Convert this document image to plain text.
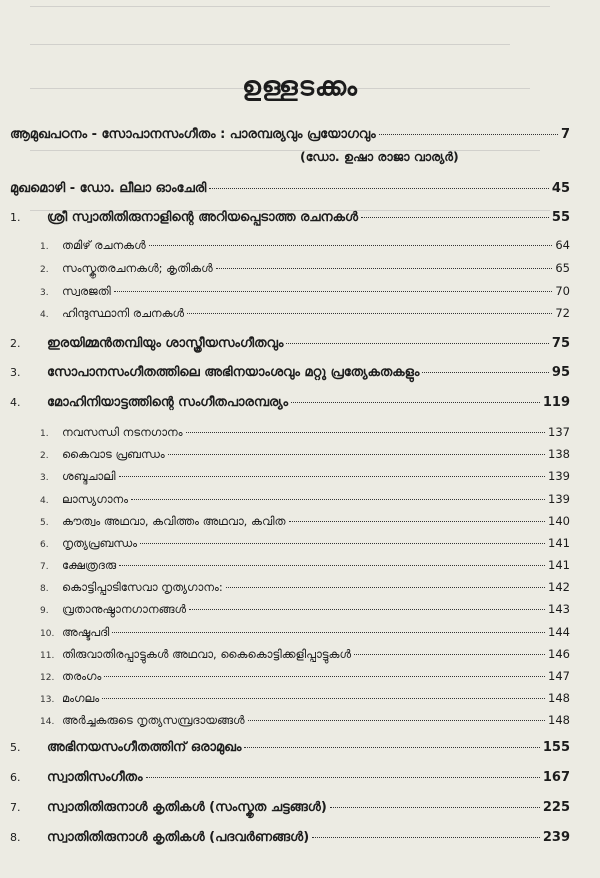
ഉള്ളടക്കം
ആമുഖപഠനം - സോപാനസംഗീതം : പാരമ്പര്യവും പ്രയോഗവും	7
(ഡോ. ഉഷാ രാജാ വാര്യർ)
മുഖമൊഴി - ഡോ. ലീലാ ഓംചേരി	45
1.	ശ്രീ സ്വാതിതിരുനാളിന്റെ അറിയപ്പെടാത്ത രചനകൾ	55
1.	തമിഴ് രചനകൾ	64
2.	സംസ്കൃതരചനകൾ; കൃതികൾ	65
3.	സ്വരജതി	70
4.	ഹിന്ദുസ്ഥാനി രചനകൾ	72
2.	ഇരയിമ്മൻതമ്പിയും ശാസ്ത്രീയസംഗീതവും	75
3.	സോപാനസംഗീതത്തിലെ അഭിനയാംശവും മറ്റു പ്രത്യേകതകളും	95
4.	മോഹിനിയാട്ടത്തിന്റെ സംഗീതപാരമ്പര്യം	119
1.	നവസന്ധി നടനഗാനം	137
2.	കൈവാട പ്രബന്ധം	138
3.	ശബ്ദചാലി	139
4.	ലാസ്യഗാനം	139
5.	കൗത്വം അഥവാ, കവിത്തം അഥവാ, കവിത	140
6.	നൃത്യപ്രബന്ധം	141
7.	ക്ഷേത്രദരു	141
8.	കൊട്ടിപ്പാടിസേവാ നൃത്യഗാനം:	142
9.	വ്രതാനുഷ്ഠാനഗാനങ്ങൾ	143
10. അഷ്ടപദി	144
11. തിരുവാതിരപ്പാട്ടുകൾ അഥവാ, കൈകൊട്ടിക്കളിപ്പാട്ടുകൾ	146
12. തരംഗം	147
13. മംഗലം	148
14. അർച്ചകരുടെ നൃത്യസമ്പ്രദായങ്ങൾ	148
5.	അഭിനയസംഗീതത്തിന് ഒരാമുഖം	155
6.	സ്വാതിസംഗീതം	167
7.	സ്വാതിതിരുനാൾ കൃതികൾ (സംസ്കൃത ചട്ടങ്ങൾ)	225
8.	സ്വാതിതിരുനാൾ കൃതികൾ (പദവർണങ്ങൾ)	239
